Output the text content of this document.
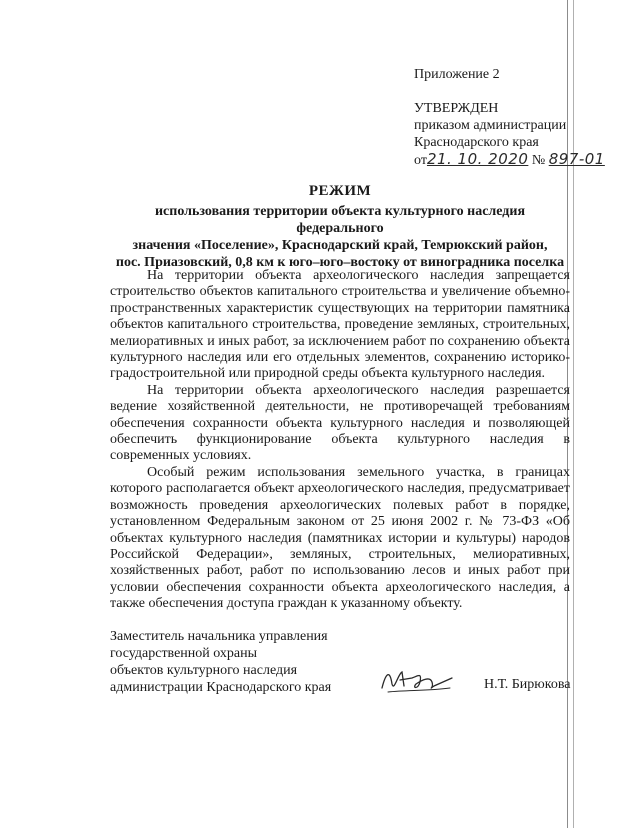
Приложение 2
УТВЕРЖДЕН
приказом администрации
Краснодарского края
от21. 10. 2020 № 897-01
РЕЖИМ
использования территории объекта культурного наследия федерального
значения «Поселение», Краснодарский край, Темрюкский район,
пос. Приазовский, 0,8 км к юго–юго–востоку от виноградника поселка

На территории объекта археологического наследия запрещается строительство объектов капитального строительства и увеличение объемно-пространственных характеристик существующих на территории памятника объектов капитального строительства, проведение земляных, строительных, мелиоративных и иных работ, за исключением работ по сохранению объекта культурного наследия или его отдельных элементов, сохранению историко-градостроительной или природной среды объекта культурного наследия.

На территории объекта археологического наследия разрешается ведение хозяйственной деятельности, не противоречащей требованиям обеспечения сохранности объекта культурного наследия и позволяющей обеспечить функционирование объекта культурного наследия в современных условиях.

Особый режим использования земельного участка, в границах которого располагается объект археологического наследия, предусматривает возможность проведения археологических полевых работ в порядке, установленном Федеральным законом от 25 июня 2002 г. № 73-ФЗ «Об объектах культурного наследия (памятниках истории и культуры) народов Российской Федерации», земляных, строительных, мелиоративных, хозяйственных работ, работ по использованию лесов и иных работ при условии обеспечения сохранности объекта археологического наследия, а также обеспечения доступа граждан к указанному объекту.

Заместитель начальника управления
государственной охраны
объектов культурного наследия
администрации Краснодарского края	Н.Т. Бирюкова
